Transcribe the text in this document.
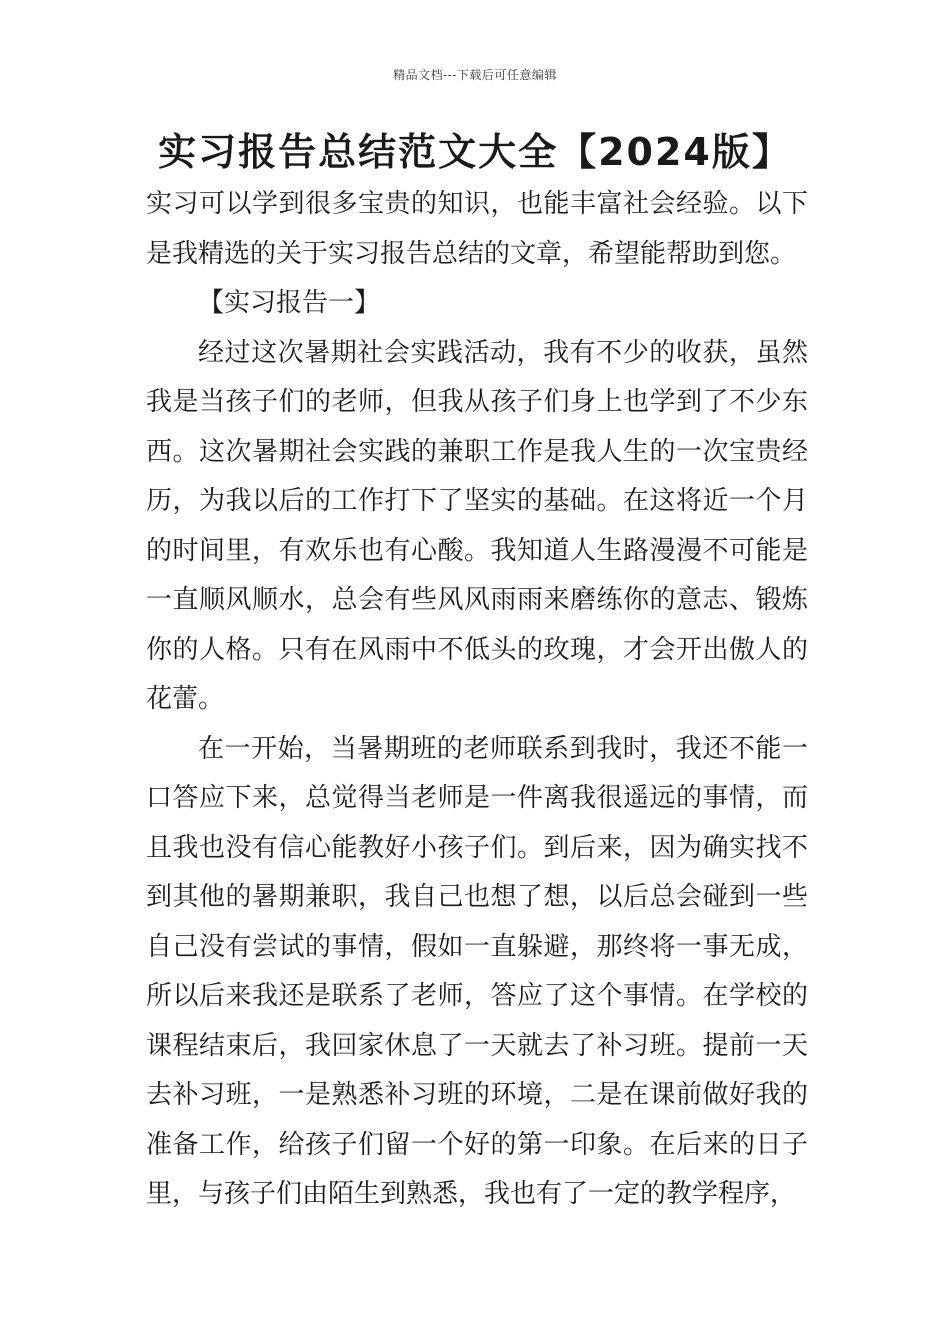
精品文档---下载后可任意编辑
实习报告总结范文大全【2024版】

实习可以学到很多宝贵的知识，也能丰富社会经验。以下是我精选的关于实习报告总结的文章，希望能帮助到您。

【实习报告一】

经过这次暑期社会实践活动，我有不少的收获，虽然我是当孩子们的老师，但我从孩子们身上也学到了不少东西。这次暑期社会实践的兼职工作是我人生的一次宝贵经历，为我以后的工作打下了坚实的基础。在这将近一个月的时间里，有欢乐也有心酸。我知道人生路漫漫不可能是一直顺风顺水，总会有些风风雨雨来磨练你的意志、锻炼你的人格。只有在风雨中不低头的玫瑰，才会开出傲人的花蕾。

在一开始，当暑期班的老师联系到我时，我还不能一口答应下来，总觉得当老师是一件离我很遥远的事情，而且我也没有信心能教好小孩子们。到后来，因为确实找不到其他的暑期兼职，我自己也想了想，以后总会碰到一些自己没有尝试的事情，假如一直躲避，那终将一事无成，所以后来我还是联系了老师，答应了这个事情。在学校的课程结束后，我回家休息了一天就去了补习班。提前一天去补习班，一是熟悉补习班的环境，二是在课前做好我的准备工作，给孩子们留一个好的第一印象。在后来的日子里，与孩子们由陌生到熟悉，我也有了一定的教学程序，
